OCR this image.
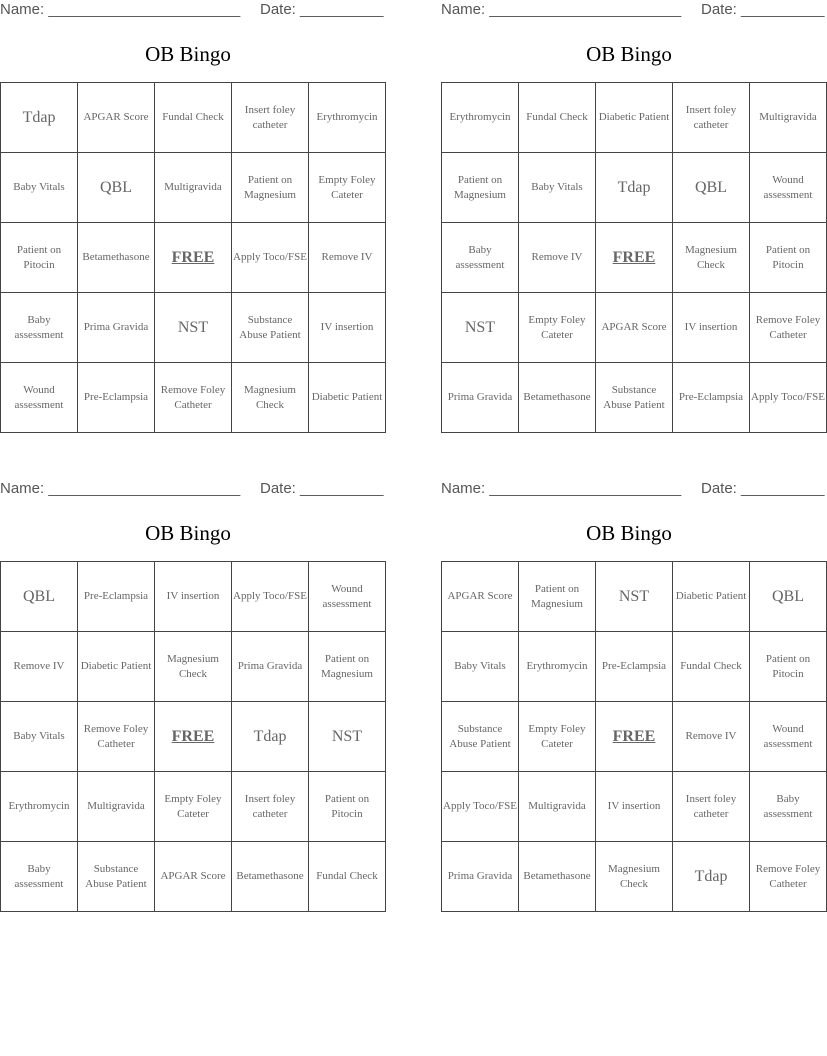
Name: _______________________ Date: __________
OB Bingo
Tdap	APGAR Score	Fundal Check	Insert foley catheter	Erythromycin
Baby Vitals	QBL	Multigravida	Patient on Magnesium	Empty Foley Cateter
Patient on Pitocin	Betamethasone	FREE	Apply Toco/FSE	Remove IV
Baby assessment	Prima Gravida	NST	Substance Abuse Patient	IV insertion
Wound assessment	Pre-Eclampsia	Remove Foley Catheter	Magnesium Check	Diabetic Patient
Name: _______________________ Date: __________
OB Bingo
Erythromycin	Fundal Check	Diabetic Patient	Insert foley catheter	Multigravida
Patient on Magnesium	Baby Vitals	Tdap	QBL	Wound assessment
Baby assessment	Remove IV	FREE	Magnesium Check	Patient on Pitocin
NST	Empty Foley Cateter	APGAR Score	IV insertion	Remove Foley Catheter
Prima Gravida	Betamethasone	Substance Abuse Patient	Pre-Eclampsia	Apply Toco/FSE
Name: _______________________ Date: __________
OB Bingo
QBL	Pre-Eclampsia	IV insertion	Apply Toco/FSE	Wound assessment
Remove IV	Diabetic Patient	Magnesium Check	Prima Gravida	Patient on Magnesium
Baby Vitals	Remove Foley Catheter	FREE	Tdap	NST
Erythromycin	Multigravida	Empty Foley Cateter	Insert foley catheter	Patient on Pitocin
Baby assessment	Substance Abuse Patient	APGAR Score	Betamethasone	Fundal Check
Name: _______________________ Date: __________
OB Bingo
APGAR Score	Patient on Magnesium	NST	Diabetic Patient	QBL
Baby Vitals	Erythromycin	Pre-Eclampsia	Fundal Check	Patient on Pitocin
Substance Abuse Patient	Empty Foley Cateter	FREE	Remove IV	Wound assessment
Apply Toco/FSE	Multigravida	IV insertion	Insert foley catheter	Baby assessment
Prima Gravida	Betamethasone	Magnesium Check	Tdap	Remove Foley Catheter
